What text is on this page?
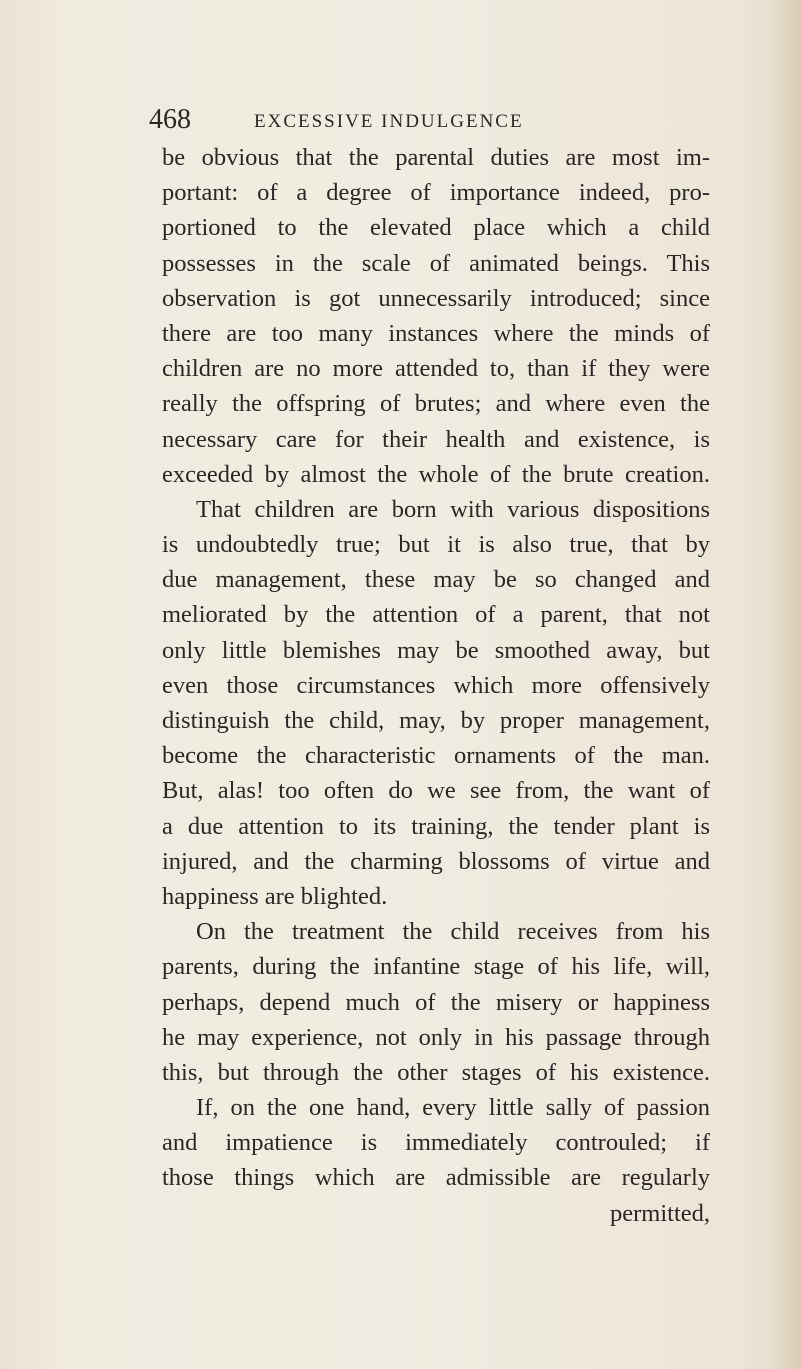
468	EXCESSIVE INDULGENCE
be obvious that the parental duties are most im-
portant: of a degree of importance indeed, pro-
portioned to the elevated place which a child
possesses in the scale of animated beings. This
observation is got unnecessarily introduced; since
there are too many instances where the minds of
children are no more attended to, than if they were
really the offspring of brutes; and where even the
necessary care for their health and existence, is
exceeded by almost the whole of the brute creation.
That children are born with various dispositions
is undoubtedly true; but it is also true, that by
due management, these may be so changed and
meliorated by the attention of a parent, that not
only little blemishes may be smoothed away, but
even those circumstances which more offensively
distinguish the child, may, by proper management,
become the characteristic ornaments of the man.
But, alas! too often do we see from, the want of
a due attention to its training, the tender plant is
injured, and the charming blossoms of virtue and
happiness are blighted.
On the treatment the child receives from his
parents, during the infantine stage of his life, will,
perhaps, depend much of the misery or happiness
he may experience, not only in his passage through
this, but through the other stages of his existence.
If, on the one hand, every little sally of passion
and impatience is immediately controuled; if
those things which are admissible are regularly
permitted,
